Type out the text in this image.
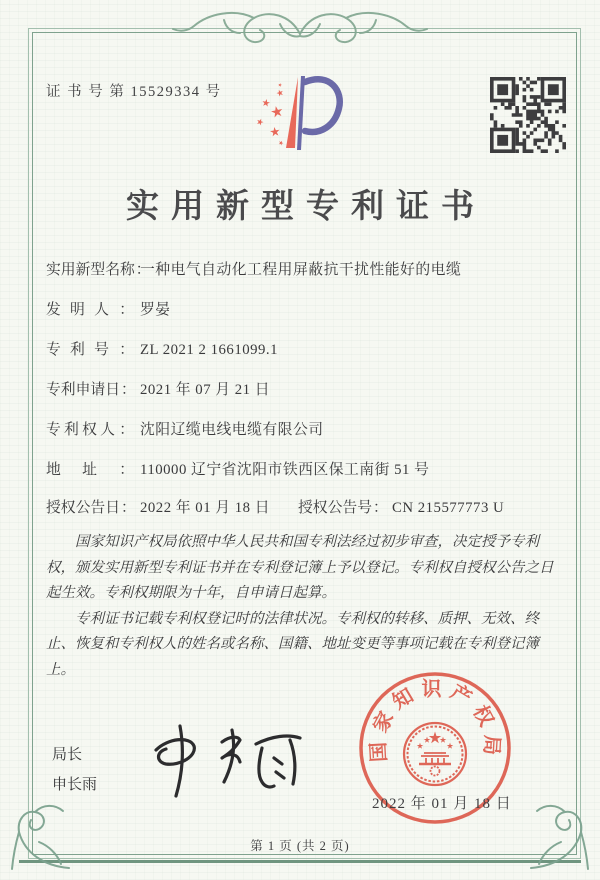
证 书 号 第 15529334 号
实用新型专利证书
实用新型名称 ： 一种电气自动化工程用屏蔽抗干扰性能好的电缆
发明人 ： 罗晏
专利号 ： ZL 2021 2 1661099.1
专利申请日 ： 2021 年 07 月 21 日
专利权人 ： 沈阳辽缆电线电缆有限公司
地址 ： 110000 辽宁省沈阳市铁西区保工南街 51 号
授权公告日 ： 2022 年 01 月 18 日 授权公告号 ： CN 215577773 U

国家知识产权局依照中华人民共和国专利法经过初步审查，决定授予专利权，颁发实用新型专利证书并在专利登记簿上予以登记。专利权自授权公告之日起生效。专利权期限为十年，自申请日起算。

专利证书记载专利权登记时的法律状况。专利权的转移、质押、无效、终止、恢复和专利权人的姓名或名称、国籍、地址变更等事项记载在专利登记簿上。

局长
申长雨
国家知识产权局
2022 年 01 月 18 日
第 1 页 (共 2 页)
